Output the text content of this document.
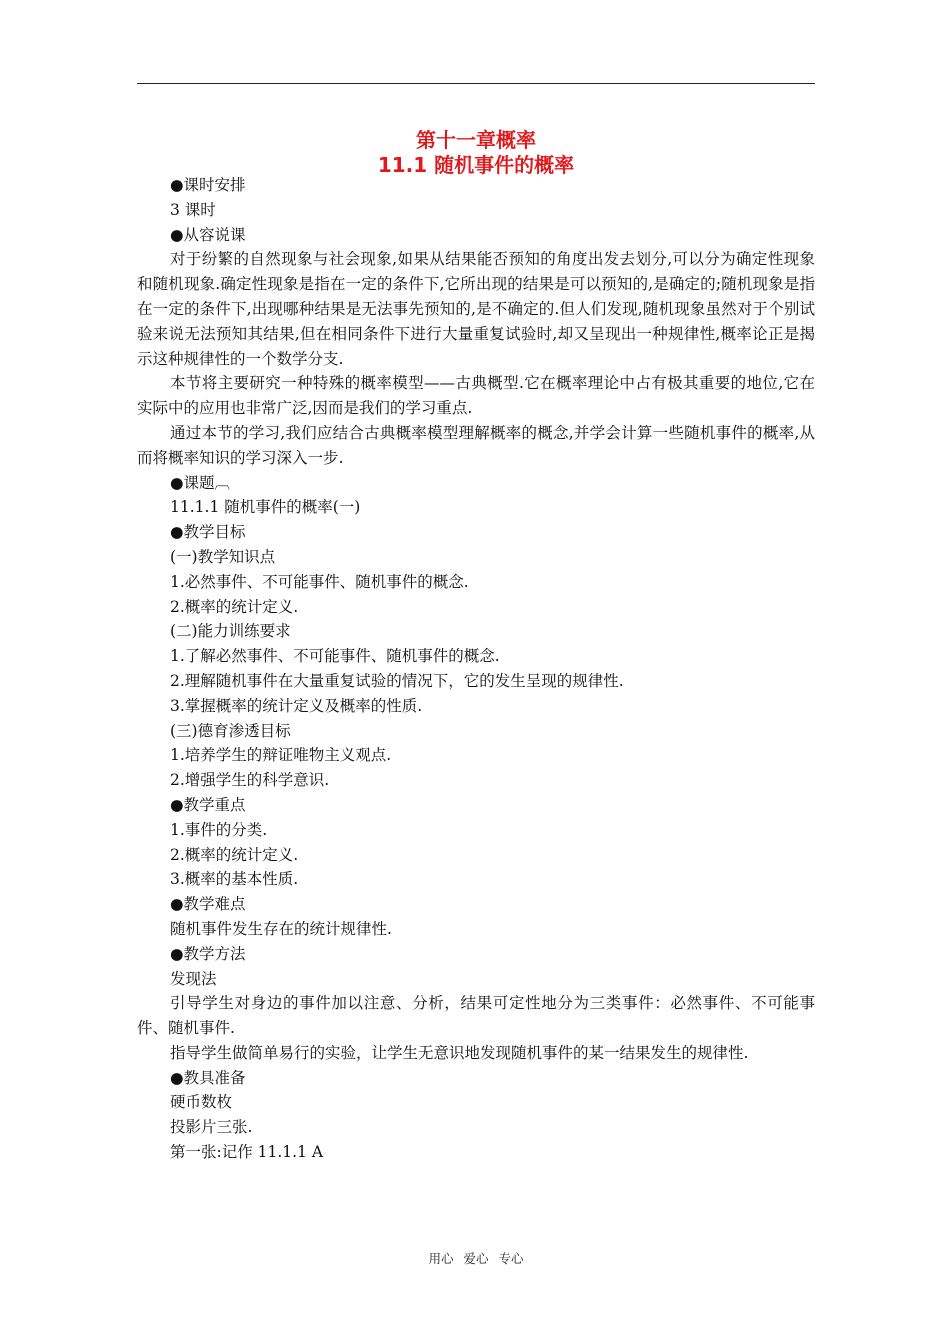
第十一章概率
11.1 随机事件的概率
●课时安排
3 课时
●从容说课
对于纷繁的自然现象与社会现象,如果从结果能否预知的角度出发去划分,可以分为确定性现象和随机现象.确定性现象是指在一定的条件下,它所出现的结果是可以预知的,是确定的;随机现象是指在一定的条件下,出现哪种结果是无法事先预知的,是不确定的.但人们发现,随机现象虽然对于个别试验来说无法预知其结果,但在相同条件下进行大量重复试验时,却又呈现出一种规律性,概率论正是揭示这种规律性的一个数学分支.
本节将主要研究一种特殊的概率模型——古典概型.它在概率理论中占有极其重要的地位,它在实际中的应用也非常广泛,因而是我们的学习重点.
通过本节的学习,我们应结合古典概率模型理解概率的概念,并学会计算一些随机事件的概率,从而将概率知识的学习深入一步.
●课题︹
11.1.1 随机事件的概率(一)
●教学目标
(一)教学知识点
1.必然事件、不可能事件、随机事件的概念.
2.概率的统计定义.
(二)能力训练要求
1.了解必然事件、不可能事件、随机事件的概念.
2.理解随机事件在大量重复试验的情况下，它的发生呈现的规律性.
3.掌握概率的统计定义及概率的性质.
(三)德育渗透目标
1.培养学生的辩证唯物主义观点.
2.增强学生的科学意识.
●教学重点
1.事件的分类.
2.概率的统计定义.
3.概率的基本性质.
●教学难点
随机事件发生存在的统计规律性.
●教学方法
发现法
引导学生对身边的事件加以注意、分析，结果可定性地分为三类事件：必然事件、不可能事件、随机事件.
指导学生做简单易行的实验，让学生无意识地发现随机事件的某一结果发生的规律性.
●教具准备
硬币数枚
投影片三张.
第一张:记作 11.1.1 A
用心 爱心 专心
